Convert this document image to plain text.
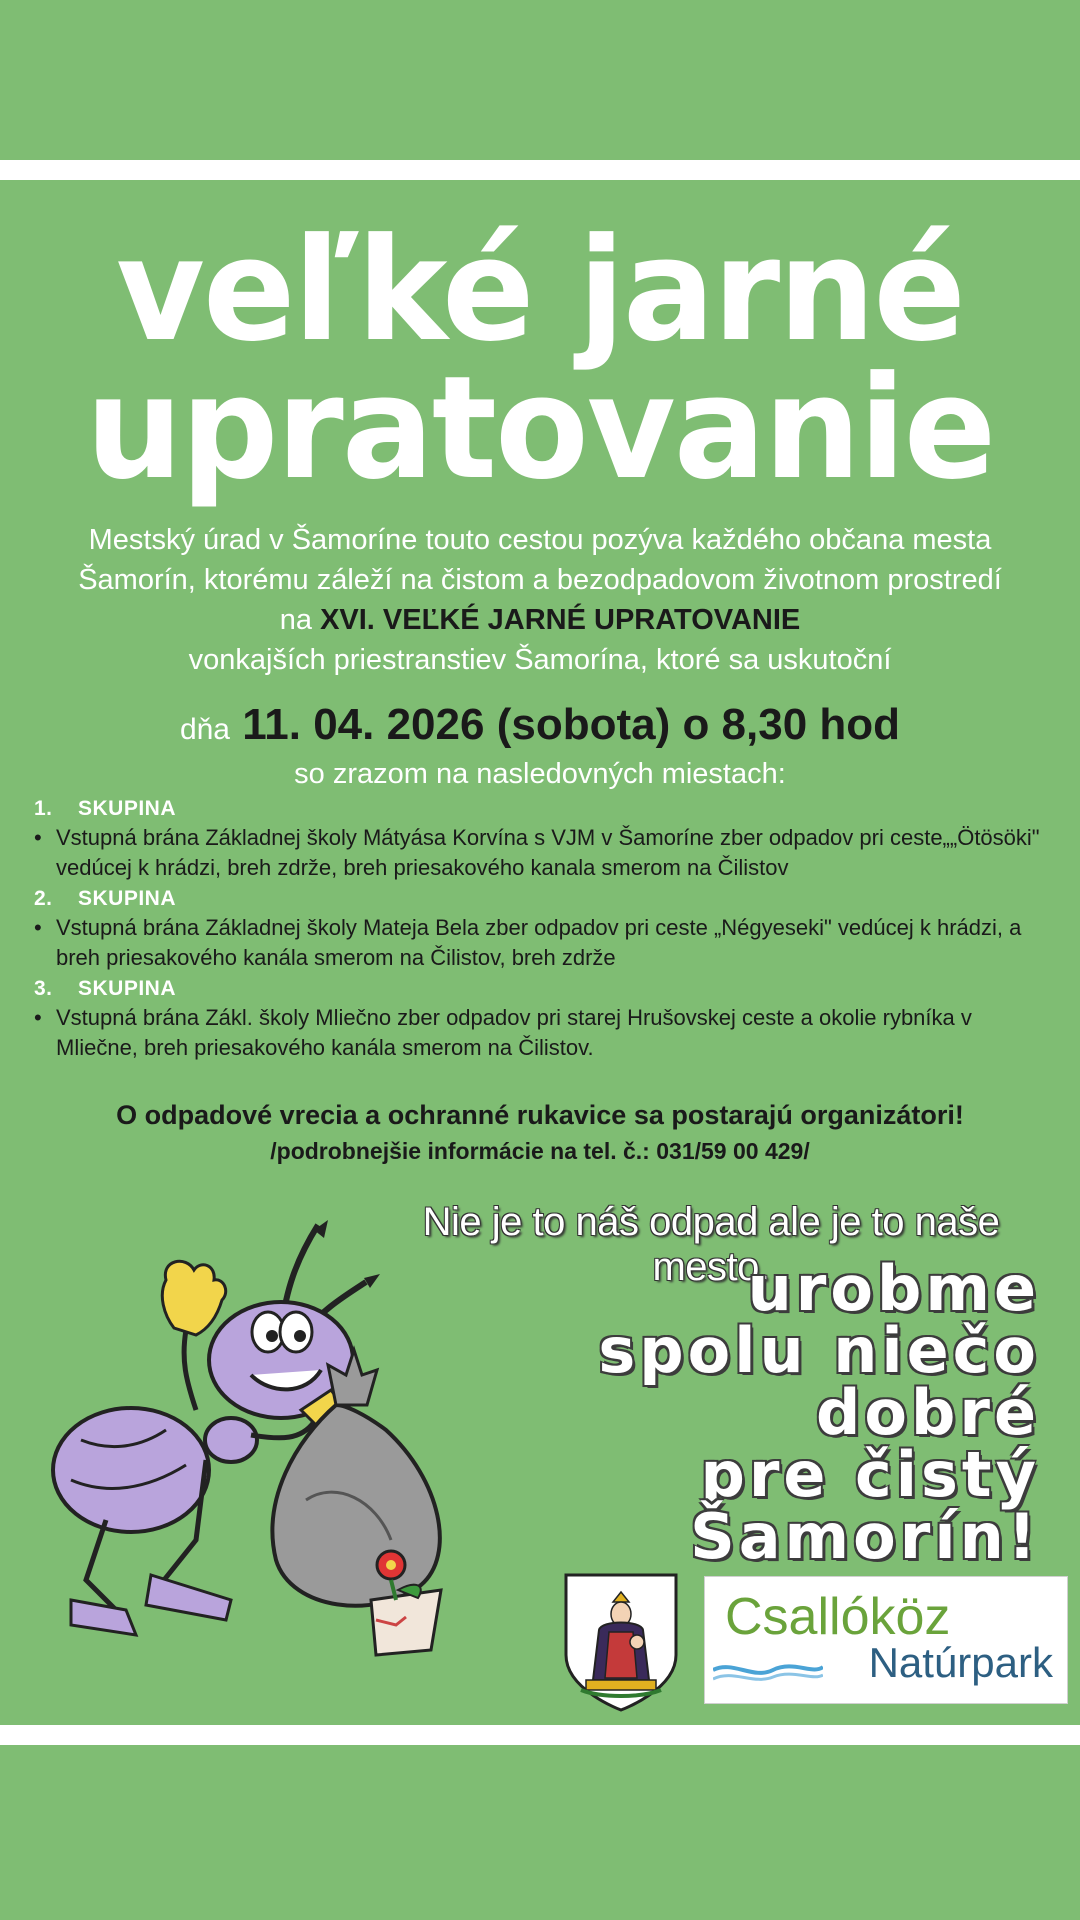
veľké jarné
upratovanie
Mestský úrad v Šamoríne touto cestou pozýva každého občana mesta
Šamorín, ktorému záleží na čistom a bezodpadovom životnom prostredí
na XVI. VEĽKÉ JARNÉ UPRATOVANIE
vonkajších priestranstiev Šamorína, ktoré sa uskutoční
dňa 11. 04. 2026 (sobota) o 8,30 hod
so zrazom na nasledovných miestach:

1. SKUPINA

• Vstupná brána Základnej školy Mátyása Korvína s VJM v Šamoríne zber odpadov pri ceste„„Ötösöki" vedúcej k hrádzi, breh zdrže, breh priesakového kanala smerom na Čilistov

2. SKUPINA

• Vstupná brána Základnej školy Mateja Bela zber odpadov pri ceste „Négyeseki" vedúcej k hrádzi, a breh priesakového kanála smerom na Čilistov, breh zdrže

3. SKUPINA

• Vstupná brána Zákl. školy Mliečno zber odpadov pri starej Hrušovskej ceste a okolie rybníka v Mliečne, breh priesakového kanála smerom na Čilistov.

O odpadové vrecia a ochranné rukavice sa postarajú organizátori!
/podrobnejšie informácie na tel. č.: 031/59 00 429/
Nie je to náš odpad ale je to naše mesto.
urobme
spolu niečo
dobré
pre čistý
Šamorín!
Csallóköz
Natúrpark
